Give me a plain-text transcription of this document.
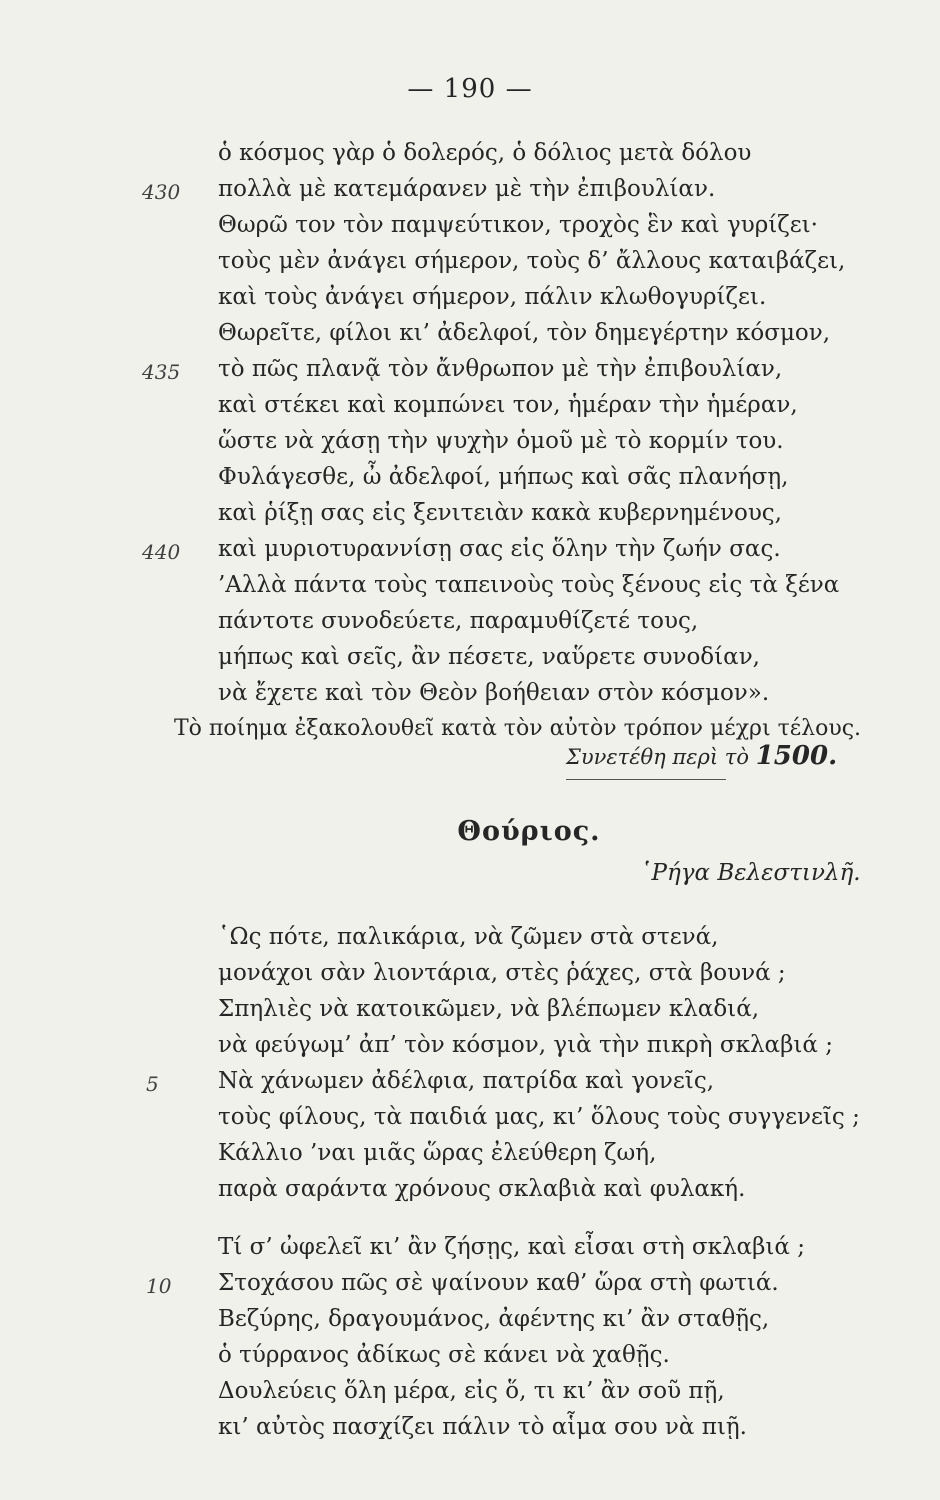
— 190 —
ὁ κόσμος γὰρ ὁ δολερός, ὁ δόλιος μετὰ δόλου
πολλὰ μὲ κατεμάρανεν μὲ τὴν ἐπιβουλίαν.
Θωρῶ τον τὸν παμψεύτικον, τροχὸς ἓν καὶ γυρίζει·
τοὺς μὲν ἀνάγει σήμερον, τοὺς δ’ ἄλλους καταιβάζει,
καὶ τοὺς ἀνάγει σήμερον, πάλιν κλωθογυρίζει.
Θωρεῖτε, φίλοι κι’ ἀδελφοί, τὸν δημεγέρτην κόσμον,
τὸ πῶς πλανᾷ τὸν ἄνθρωπον μὲ τὴν ἐπιβουλίαν,
καὶ στέκει καὶ κομπώνει τον, ἡμέραν τὴν ἡμέραν,
ὥστε νὰ χάσῃ τὴν ψυχὴν ὁμοῦ μὲ τὸ κορμίν του.
Φυλάγεσθε, ὦ ἀδελφοί, μήπως καὶ σᾶς πλανήσῃ,
καὶ ῥίξῃ σας εἰς ξενιτειὰν κακὰ κυβερνημένους,
καὶ μυριοτυραννίσῃ σας εἰς ὅλην τὴν ζωήν σας.
’Αλλὰ πάντα τοὺς ταπεινοὺς τοὺς ξένους εἰς τὰ ξένα
πάντοτε συνοδεύετε, παραμυθίζετέ τους,
μήπως καὶ σεῖς, ἂν πέσετε, ναὕρετε συνοδίαν,
νὰ ἔχετε καὶ τὸν Θεὸν βοήθειαν στὸν κόσμον».
430
435
440
Τὸ ποίημα ἐξακολουθεῖ κατὰ τὸν αὐτὸν τρόπον μέχρι τέλους.
Συνετέθη περὶ τὸ 1500.
Θούριος.
῾Ρήγα Βελεστινλῆ.
῾Ως πότε, παλικάρια, νὰ ζῶμεν στὰ στενά,
μονάχοι σὰν λιοντάρια, στὲς ῥάχες, στὰ βουνά ;
Σπηλιὲς νὰ κατοικῶμεν, νὰ βλέπωμεν κλαδιά,
νὰ φεύγωμ’ ἀπ’ τὸν κόσμον, γιὰ τὴν πικρὴ σκλαβιά ;
Νὰ χάνωμεν ἀδέλφια, πατρίδα καὶ γονεῖς,
τοὺς φίλους, τὰ παιδιά μας, κι’ ὅλους τοὺς συγγενεῖς ;
Κάλλιο ’ναι μιᾶς ὥρας ἐλεύθερη ζωή,
παρὰ σαράντα χρόνους σκλαβιὰ καὶ φυλακή.
Τί σ’ ὠφελεῖ κι’ ἂν ζήσῃς, καὶ εἶσαι στὴ σκλαβιά ;
Στοχάσου πῶς σὲ ψαίνουν καθ’ ὥρα στὴ φωτιά.
Βεζύρης, δραγουμάνος, ἀφέντης κι’ ἂν σταθῇς,
ὁ τύρρανος ἀδίκως σὲ κάνει νὰ χαθῇς.
Δουλεύεις ὅλη μέρα, εἰς ὅ, τι κι’ ἂν σοῦ πῇ,
κι’ αὐτὸς πασχίζει πάλιν τὸ αἷμα σου νὰ πιῇ.
5
10
